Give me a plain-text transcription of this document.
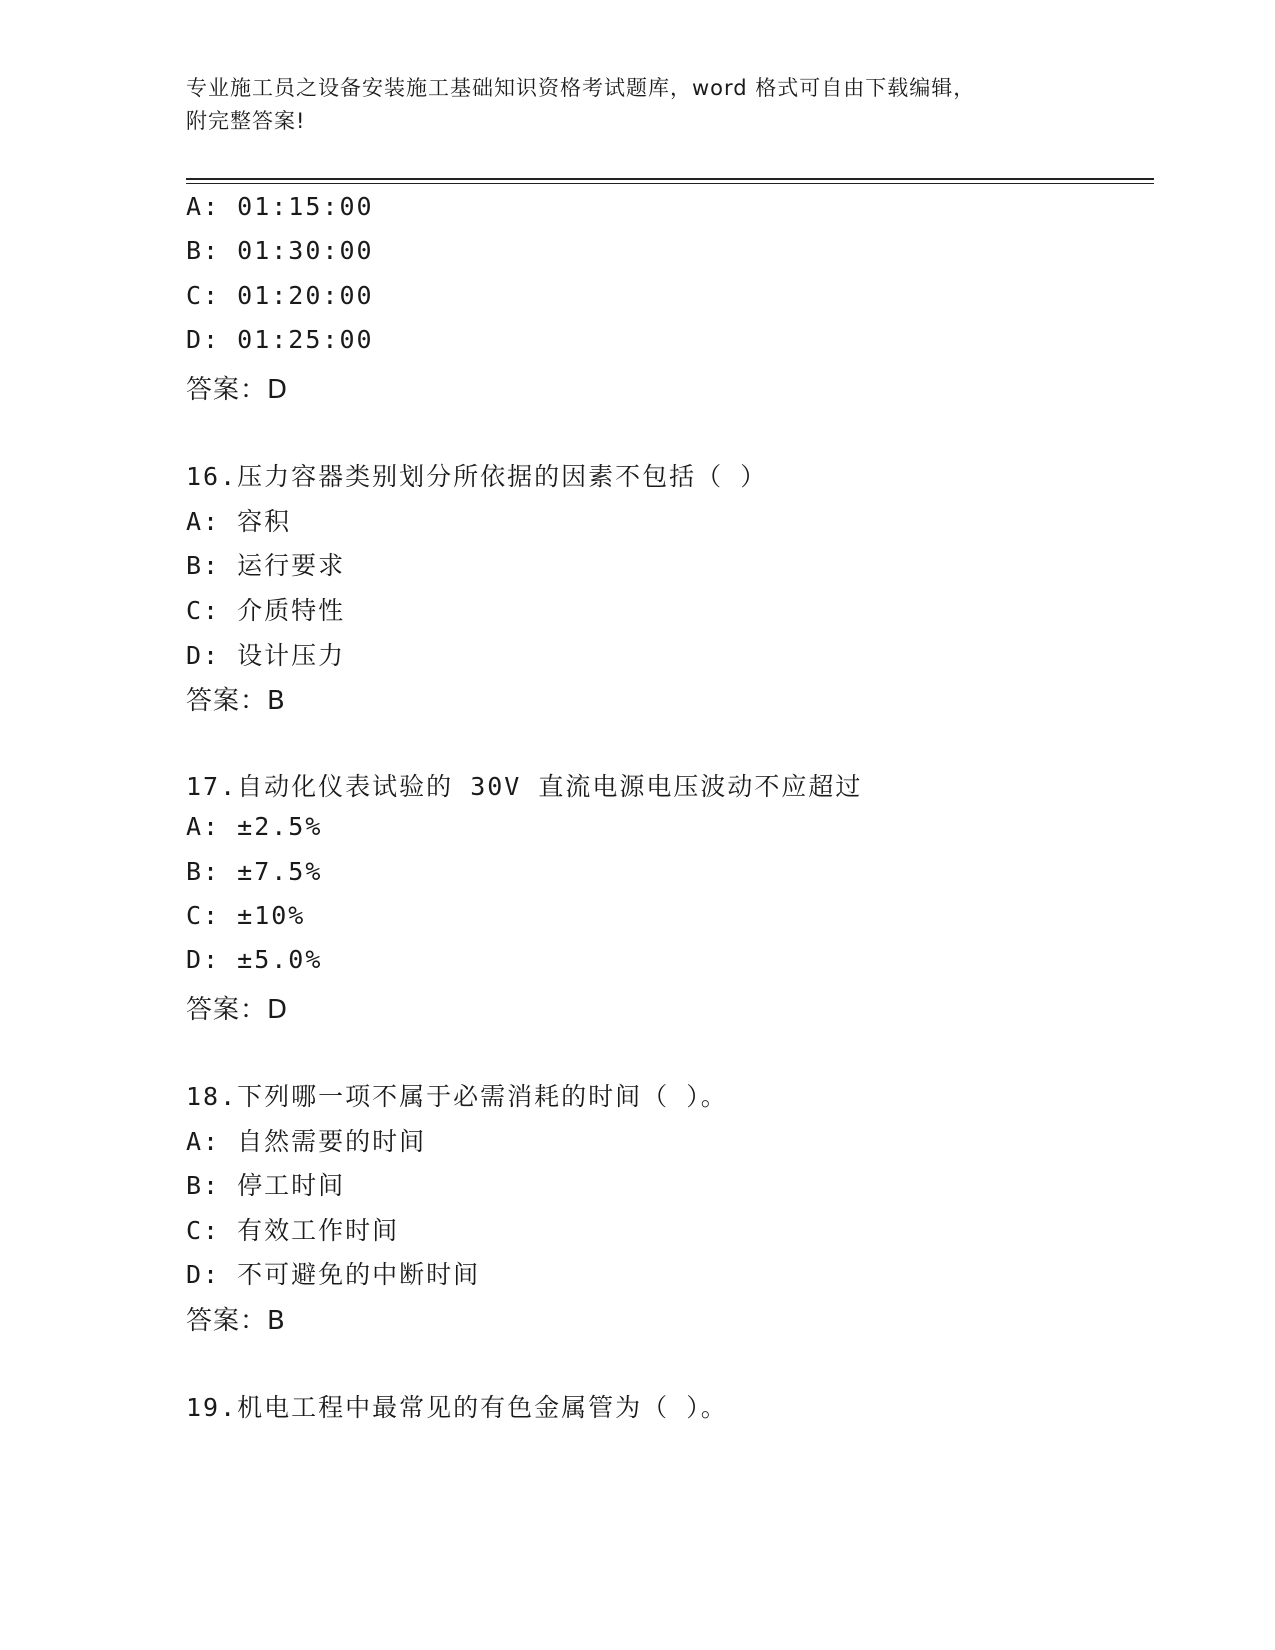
专业施工员之设备安装施工基础知识资格考试题库，word 格式可自由下载编辑，
附完整答案!
A: 01:15:00
B: 01:30:00
C: 01:20:00
D: 01:25:00
答案：D
16.压力容器类别划分所依据的因素不包括（ ）
A: 容积
B: 运行要求
C: 介质特性
D: 设计压力
答案：B
17.自动化仪表试验的 30V 直流电源电压波动不应超过
A: ±2.5%
B: ±7.5%
C: ±10%
D: ±5.0%
答案：D
18.下列哪一项不属于必需消耗的时间（ ）。
A: 自然需要的时间
B: 停工时间
C: 有效工作时间
D: 不可避免的中断时间
答案：B
19.机电工程中最常见的有色金属管为（ ）。
